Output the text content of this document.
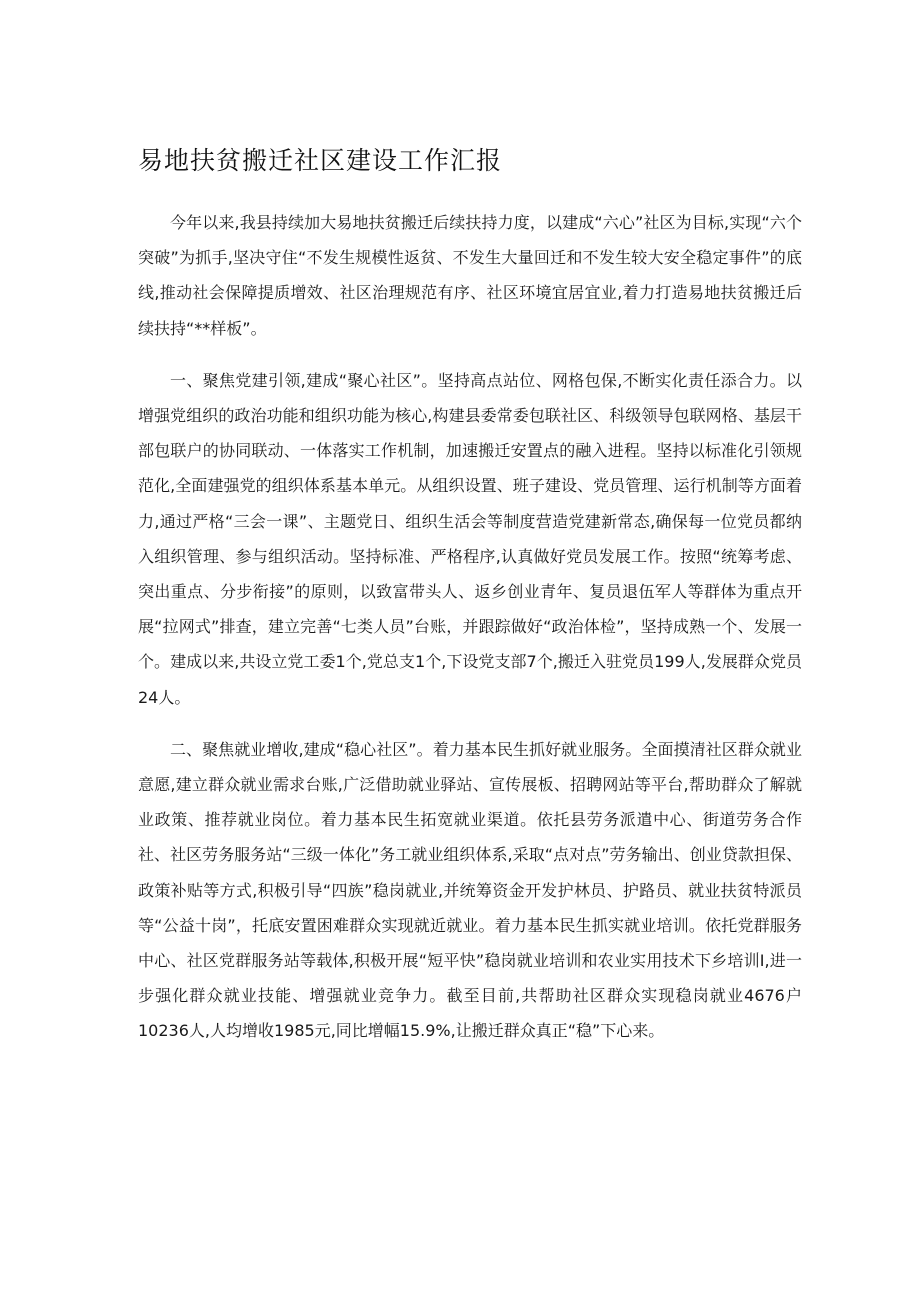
易地扶贫搬迁社区建设工作汇报

今年以来,我县持续加大易地扶贫搬迁后续扶持力度，以建成“六心”社区为目标,实现“六个突破”为抓手,坚决守住“不发生规模性返贫、不发生大量回迁和不发生较大安全稳定事件”的底线,推动社会保障提质增效、社区治理规范有序、社区环境宜居宜业,着力打造易地扶贫搬迁后续扶持“**样板”。

一、聚焦党建引领,建成“聚心社区”。坚持高点站位、网格包保,不断实化责任添合力。以增强党组织的政治功能和组织功能为核心,构建县委常委包联社区、科级领导包联网格、基层干部包联户的协同联动、一体落实工作机制，加速搬迁安置点的融入进程。坚持以标准化引领规范化,全面建强党的组织体系基本单元。从组织设置、班子建设、党员管理、运行机制等方面着力,通过严格“三会一课”、主题党日、组织生活会等制度营造党建新常态,确保每一位党员都纳入组织管理、参与组织活动。坚持标准、严格程序,认真做好党员发展工作。按照“统筹考虑、突出重点、分步衔接”的原则，以致富带头人、返乡创业青年、复员退伍军人等群体为重点开展“拉网式”排查，建立完善“七类人员”台账，并跟踪做好“政治体检”，坚持成熟一个、发展一个。建成以来,共设立党工委1个,党总支1个,下设党支部7个,搬迁入驻党员199人,发展群众党员24人。

二、聚焦就业增收,建成“稳心社区”。着力基本民生抓好就业服务。全面摸清社区群众就业意愿,建立群众就业需求台账,广泛借助就业驿站、宣传展板、招聘网站等平台,帮助群众了解就业政策、推荐就业岗位。着力基本民生拓宽就业渠道。依托县劳务派遣中心、街道劳务合作社、社区劳务服务站“三级一体化”务工就业组织体系,采取“点对点”劳务输出、创业贷款担保、政策补贴等方式,积极引导“四族”稳岗就业,并统筹资金开发护林员、护路员、就业扶贫特派员等“公益十岗”，托底安置困难群众实现就近就业。着力基本民生抓实就业培训。依托党群服务中心、社区党群服务站等载体,积极开展“短平快”稳岗就业培训和农业实用技术下乡培训I,进一步强化群众就业技能、增强就业竞争力。截至目前,共帮助社区群众实现稳岗就业4676户10236人,人均增收1985元,同比增幅15.9%,让搬迁群众真正“稳”下心来。
